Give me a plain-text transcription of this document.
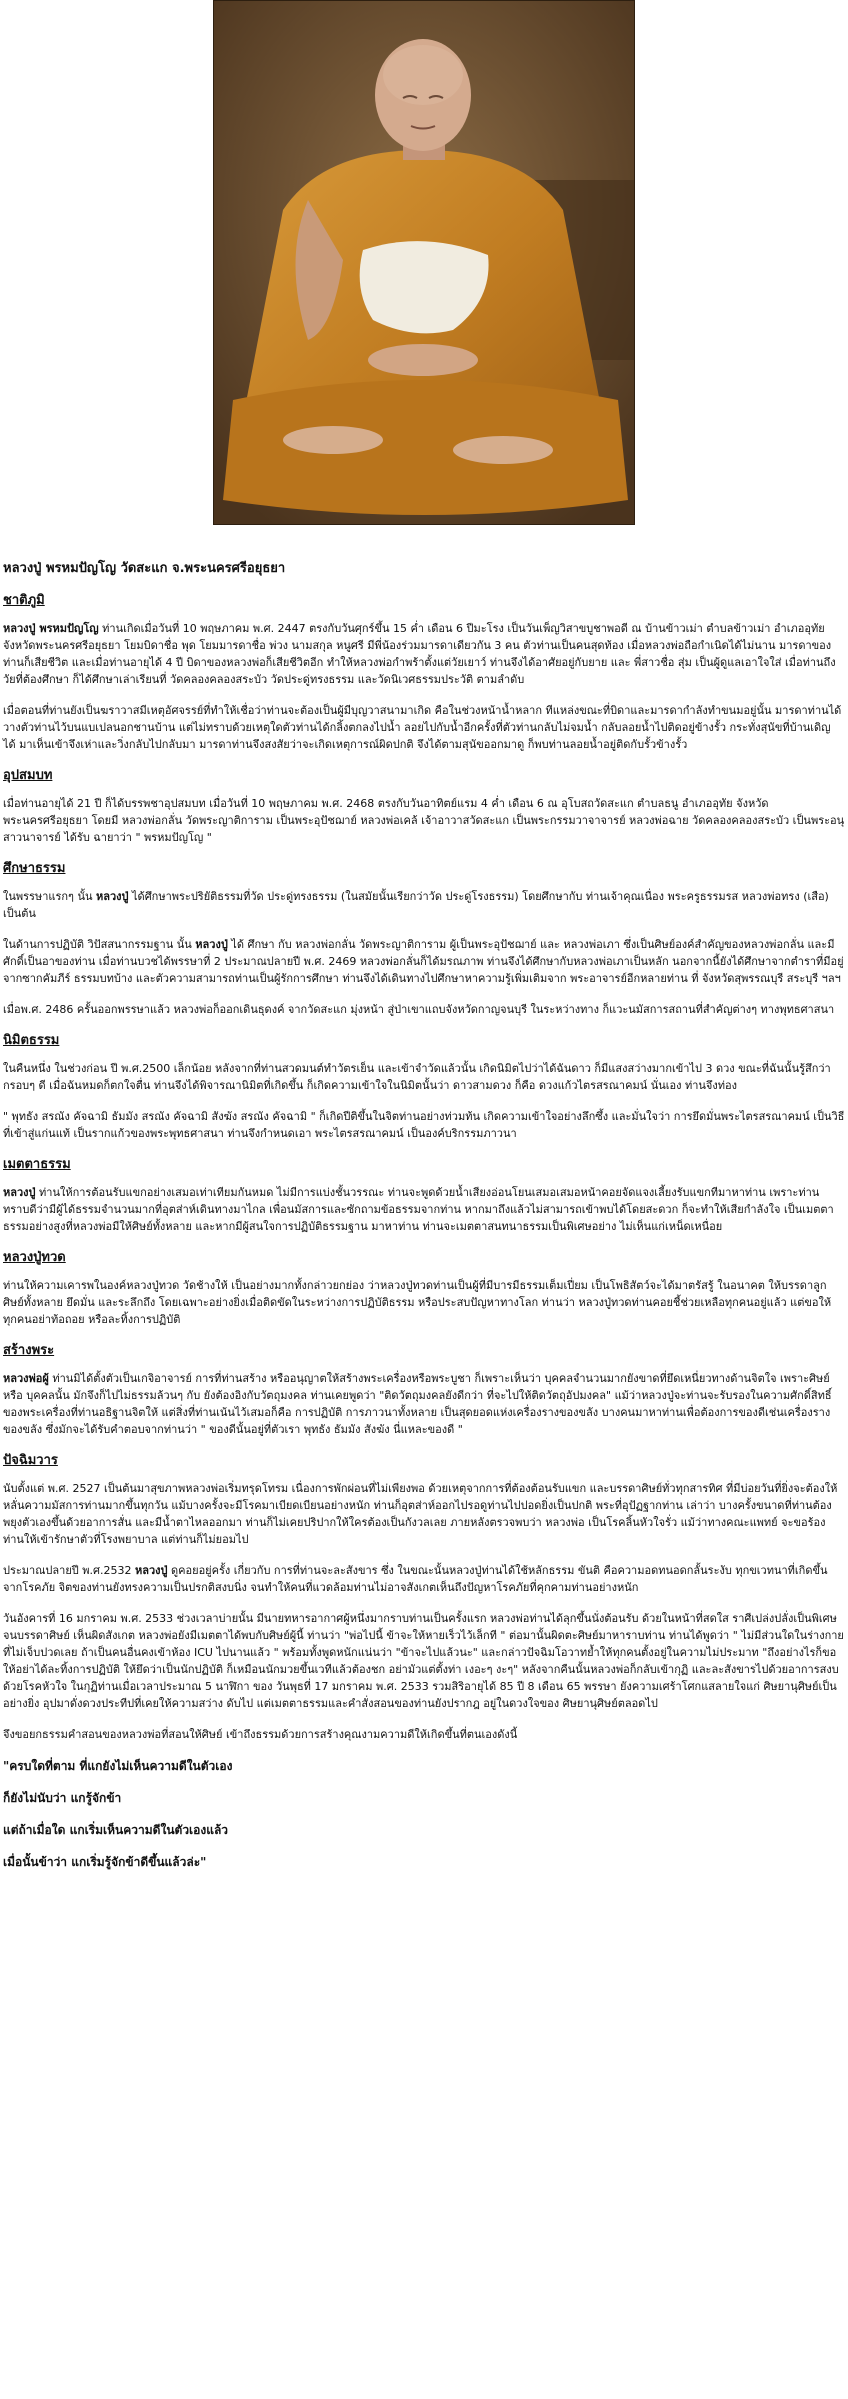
หลวงปู่ พรหมปัญโญ วัดสะแก จ.พระนครศรีอยุธยา
ชาติภูมิ
หลวงปู่ พรหมปัญโญ ท่านเกิดเมื่อวันที่ 10 พฤษภาคม พ.ศ. 2447 ตรงกับวันศุกร์ขึ้น 15 ค่ำ เดือน 6 ปีมะโรง เป็นวันเพ็ญวิสาขบูชาพอดี ณ บ้านข้าวเม่า ตำบลข้าวเม่า อำเภออุทัย จังหวัดพระนครศรีอยุธยา โยมบิดาชื่อ พุด โยมมารดาชื่อ พ่วง นามสกุล หนูศรี มีพี่น้องร่วมมารดาเดียวกัน 3 คน ตัวท่านเป็นคนสุดท้อง เมื่อหลวงพ่อถือกำเนิดได้ไม่นาน มารดาของท่านก็เสียชีวิต และเมื่อท่านอายุได้ 4 ปี บิดาของหลวงพ่อก็เสียชีวิตอีก ทำให้หลวงพ่อกำพร้าตั้งแต่วัยเยาว์ ท่านจึงได้อาศัยอยู่กับยาย และ พี่สาวชื่อ สุ่ม เป็นผู้ดูแลเอาใจใส่ เมื่อท่านถึงวัยที่ต้องศึกษา ก็ได้ศึกษาเล่าเรียนที่ วัดคลองคลองสระบัว วัดประดู่ทรงธรรม และวัดนิเวศธรรมประวัติ ตามลำดับ
เมื่อตอนที่ท่านยังเป็นฆราวาสมีเหตุอัศจรรย์ที่ทำให้เชื่อว่าท่านจะต้องเป็นผู้มีบุญวาสนามาเกิด คือในช่วงหน้าน้ำหลาก ทีแหล่งขณะที่บิดาและมารดากำลังทำขนมอยู่นั้น มารดาท่านได้วางตัวท่านไว้บนแบเปลนอกชานบ้าน แต่ไม่ทราบด้วยเหตุใดตัวท่านได้กลิ้งตกลงไปน้ำ ลอยไปกับน้ำอีกครั้งที่ตัวท่านกลับไม่จมน้ำ กลับลอยน้ำไปติดอยู่ข้างรั้ว กระทั่งสุนัขที่บ้านเดิญ ได้ มาเห็นเข้าจึงเห่าและวิ่งกลับไปกลับมา มารดาท่านจึงสงสัยว่าจะเกิดเหตุการณ์ผิดปกติ จึงได้ตามสุนัขออกมาดู ก็พบท่านลอยน้ำอยู่ติดกับรั้วข้างรั้ว
อุปสมบท
เมื่อท่านอายุได้ 21 ปี ก็ได้บรรพชาอุปสมบท เมื่อวันที่ 10 พฤษภาคม พ.ศ. 2468 ตรงกับวันอาทิตย์แรม 4 ค่ำ เดือน 6 ณ อุโบสถวัดสะแก ตำบลธนู อำเภออุทัย จังหวัดพระนครศรีอยุธยา โดยมี หลวงพ่อกลั่น วัดพระญาติการาม เป็นพระอุปัชฌาย์ หลวงพ่อเคล้ เจ้าอาวาสวัดสะแก เป็นพระกรรมวาจาจารย์ หลวงพ่อฉาย วัดคลองคลองสระบัว เป็นพระอนุสาวนาจารย์ ได้รับ ฉายาว่า " พรหมปัญโญ "
ศึกษาธรรม
ในพรรษาแรกๆ นั้น หลวงปู่ ได้ศึกษาพระปริยัติธรรมที่วัด ประดู่ทรงธรรม (ในสมัยนั้นเรียกว่าวัด ประดู่โรงธรรม) โดยศึกษากับ ท่านเจ้าคุณเนื่อง พระครูธรรมรส หลวงพ่อทรง (เสือ) เป็นต้น
ในด้านการปฏิบัติ วิปัสสนากรรมฐาน นั้น หลวงปู่ ได้ ศึกษา กับ หลวงพ่อกลั่น วัดพระญาติการาม ผู้เป็นพระอุปัชฌาย์ และ หลวงพ่อเภา ซึ่งเป็นศิษย์องค์สำคัญของหลวงพ่อกลั่น และมีศักดิ์เป็นอาของท่าน เมื่อท่านบวชได้พรรษาที่ 2 ประมาณปลายปี พ.ศ. 2469 หลวงพ่อกลั่นก็ได้มรณภาพ ท่านจึงได้ศึกษากับหลวงพ่อเภาเป็นหลัก นอกจากนี้ยังได้ศึกษาจากตำราที่มีอยู่ จากซากคัมภีร์ ธรรมบทบ้าง และตัวความสามารถท่านเป็นผู้รักการศึกษา ท่านจึงได้เดินทางไปศึกษาหาความรู้เพิ่มเติมจาก พระอาจารย์อีกหลายท่าน ที่ จังหวัดสุพรรณบุรี สระบุรี ฯลฯ
เมื่อพ.ศ. 2486 ครั้นออกพรรษาแล้ว หลวงพ่อก็ออกเดินธุดงค์ จากวัดสะแก มุ่งหน้า สู่ป่าเขาแถบจังหวัดกาญจนบุรี ในระหว่างทาง ก็แวะนมัสการสถานที่สำคัญต่างๆ ทางพุทธศาสนา
นิมิตธรรม
ในคืนหนึ่ง ในช่วงก่อน ปี พ.ศ.2500 เล็กน้อย หลังจากที่ท่านสวดมนต์ทำวัตรเย็น และเข้าจำวัดแล้วนั้น เกิดนิมิตไปว่าได้ฉันดาว ก็มีแสงสว่างมากเข้าไป 3 ดวง ขณะที่ฉันนั้นรู้สึกว่า กรอบๆ ดี เมื่อฉันหมดก็ตกใจตื่น ท่านจึงได้พิจารณานิมิตที่เกิดขึ้น ก็เกิดความเข้าใจในนิมิตนั้นว่า ดาวสามดวง ก็คือ ดวงแก้วไตรสรณาคมน์ นั่นเอง ท่านจึงท่อง
" พุทธัง สรณัง คัจฉามิ ธัมมัง สรณัง คัจฉามิ สังฆัง สรณัง คัจฉามิ " ก็เกิดปีติขึ้นในจิตท่านอย่างท่วมท้น เกิดความเข้าใจอย่างลึกซึ้ง และมั่นใจว่า การยึดมั่นพระไตรสรณาคมน์ เป็นวิธี ที่เข้าสู่แก่นแท้ เป็นรากแก้วของพระพุทธศาสนา ท่านจึงกำหนดเอา พระไตรสรณาคมน์ เป็นองค์บริกรรมภาวนา
เมตตาธรรม
หลวงปู่ ท่านให้การต้อนรับแขกอย่างเสมอเท่าเทียมกันหมด ไม่มีการแบ่งชั้นวรรณะ ท่านจะพูดด้วยน้ำเสียงอ่อนโยนเสมอเสมอหน้าคอยจัดแจงเลี้ยงรับแขกทีมาหาท่าน เพราะท่านทราบดีว่ามีผู้ได้ธรรมจำนวนมากที่อุตส่าห์เดินทางมาไกล เพื่อนมัสการและซักถามข้อธรรมจากท่าน หากมาถึงแล้วไม่สามารถเข้าพบได้โดยสะดวก ก็จะทำให้เสียกำลังใจ เป็นเมตตาธรรมอย่างสูงที่หลวงพ่อมีให้ศิษย์ทั้งหลาย และหากมีผู้สนใจการปฏิบัติธรรมฐาน มาหาท่าน ท่านจะเมตตาสนทนาธรรมเป็นพิเศษอย่าง ไม่เห็นแก่เหน็ดเหนื่อย
หลวงปู่ทวด
ท่านให้ความเคารพในองค์หลวงปู่ทวด วัดช้างให้ เป็นอย่างมากทั้งกล่าวยกย่อง ว่าหลวงปู่ทวดท่านเป็นผู้ที่มีบารมีธรรมเต็มเปี่ยม เป็นโพธิสัตว์จะได้มาตรัสรู้ ในอนาคต ให้บรรดาลูกศิษย์ทั้งหลาย ยึดมั่น และระลึกถึง โดยเฉพาะอย่างยิ่งเมื่อติดขัดในระหว่างการปฏิบัติธรรม หรือประสบปัญหาทางโลก ท่านว่า หลวงปู่ทวดท่านคอยชี้ช่วยเหลือทุกคนอยู่แล้ว แต่ขอให้ทุกคนอย่าท้อถอย หรือละทิ้งการปฏิบัติ
สร้างพระ
หลวงพ่อผู้ ท่านมิได้ตั้งตัวเป็นเกจิอาจารย์ การที่ท่านสร้าง หรืออนุญาตให้สร้างพระเครื่องหรือพระบูชา ก็เพราะเห็นว่า บุคคลจำนวนมากยังขาดที่ยึดเหนี่ยวทางด้านจิตใจ เพราะศิษย์ หรือ บุคคลนั้น มักจึงก็ไปไม่ธรรมล้วนๆ กับ ยังต้องอิงกับวัตถุมงคล ท่านเคยพูดว่า "ติดวัตถุมงคลยังดีกว่า ที่จะไปให้ติดวัตถุอัปมงคล" แม้ว่าหลวงปู่จะท่านจะรับรองในความศักดิ์สิทธิ์ของพระเครื่องที่ท่านอธิฐานจิตให้ แต่สิ่งที่ท่านเน้นไว้เสมอก็คือ การปฏิบัติ การภาวนาทั้งหลาย เป็นสุดยอดแห่งเครื่องรางของขลัง บางคนมาหาท่านเพื่อต้องการของดีเช่นเครื่องรางของขลัง ซึ่งมักจะได้รับคำตอบจากท่านว่า " ของดีนั้นอยู่ที่ตัวเรา พุทธัง ธัมมัง สังฆัง นี่แหละของดี "
ปัจฉิมวาร
นับตั้งแต่ พ.ศ. 2527 เป็นต้นมาสุขภาพหลวงพ่อเริ่มทรุดโทรม เนื่องการพักผ่อนที่ไม่เพียงพอ ด้วยเหตุจากการที่ต้องต้อนรับแขก และบรรดาศิษย์ทั่วทุกสารทิศ ที่มีบ่อยวันที่ยิ่งจะต้องให้หลั่นความมัสการท่านมากขึ้นทุกวัน แม้บางครั้งจะมีโรคมาเบียดเบียนอย่างหนัก ท่านก็อุตส่าห์ออกไปรอดูท่านไปปอดยิ่งเป็นปกติ พระที่อุปัฏฐากท่าน เล่าว่า บางครั้งขนาดที่ท่านต้องพยุงตัวเองขึ้นด้วยอาการสั่น และมีน้ำตาไหลออกมา ท่านก็ไม่เคยปริปากให้ใครต้องเป็นกังวลเลย ภายหลังตรวจพบว่า หลวงพ่อ เป็นโรคลิ้นหัวใจรั่ว แม้ว่าทางคณะแพทย์ จะขอร้องท่านให้เข้ารักษาตัวที่โรงพยาบาล แต่ท่านก็ไม่ยอมไป
ประมาณปลายปี พ.ศ.2532 หลวงปู่ ดูคอยอยู่ครั้ง เกี่ยวกับ การที่ท่านจะละสังขาร ซึ่ง ในขณะนั้นหลวงปู่ท่านได้ใช้หลักธรรม ขันติ คือความอดทนอดกลั้นระงับ ทุกขเวทนาที่เกิดขึ้นจากโรคภัย จิตของท่านยังทรงความเป็นปรกติสงบนิ่ง จนทำให้คนที่แวดล้อมท่านไม่อาจสังเกตเห็นถึงปัญหาโรคภัยที่คุกคามท่านอย่างหนัก
วันอังคารที่ 16 มกราคม พ.ศ. 2533 ช่วงเวลาบ่ายนั้น มีนายทหารอากาศผู้หนึ่งมากราบท่านเป็นครั้งแรก หลวงพ่อท่านได้ลุกขึ้นนั่งต้อนรับ ด้วยในหน้าที่สดใส ราศีเปล่งปลั่งเป็นพิเศษ จนบรรดาศิษย์ เห็นผิดสังเกต หลวงพ่อยังมีเมตตาได้พบกับศิษย์ผู้นี้ ท่านว่า "พ่อไปนี้ ข้าจะให้หายเร็วไว้เล็กที " ต่อมานั้นผิดตะศิษย์มาหาราบท่าน ท่านได้พูดว่า " ไม่มีส่วนใดในร่างกายที่ไม่เจ็บปวดเลย ถ้าเป็นคนอื่นคงเข้าห้อง ICU ไปนานแล้ว " พร้อมทั้งพูดหนักแน่นว่า "ข้าจะไปแล้วนะ" และกล่าวปัจฉิมโอวาทย้ำให้ทุกคนตั้งอยู่ในความไม่ประมาท "ถึงอย่างไรก็ขอให้อย่าได้ละทิ้งการปฏิบัติ ให้ยึดว่าเป็นนักปฏิบัติ ก็เหมือนนักมวยขึ้นเวทีแล้วต้องชก อย่ามัวแต่ตั้งท่า เงอะๆ งะๆ" หลังจากคืนนั้นหลวงพ่อก็กลับเข้ากุฏิ และละสังขารไปด้วยอาการสงบด้วยโรคหัวใจ ในกุฏิท่านเมื่อเวลาประมาณ 5 นาฬิกา ของ วันพุธที่ 17 มกราคม พ.ศ. 2533 รวมสิริอายุได้ 85 ปี 8 เดือน 65 พรรษา ยังความเศร้าโศกแสลายใจแก่ ศิษยานุศิษย์เป็นอย่างยิ่ง อุปมาดั่งดวงประทีปที่เคยให้ความสว่าง ดับไป แต่เมตตาธรรมและคำสั่งสอนของท่านยังปรากฎ อยู่ในดวงใจของ ศิษยานุศิษย์ตลอดไป
จึงขอยกธรรมคำสอนของหลวงพ่อที่สอนให้ศิษย์ เข้าถึงธรรมด้วยการสร้างคุณงามความดีให้เกิดขึ้นที่ตนเองดังนี้
"ครบใดที่ตาม ที่แกยังไม่เห็นความดีในตัวเอง
ก็ยังไม่นับว่า แกรู้จักข้า
แต่ถ้าเมื่อใด แกเริ่มเห็นความดีในตัวเองแล้ว
เมื่อนั้นข้าว่า แกเริ่มรู้จักข้าดีขึ้นแล้วล่ะ"
